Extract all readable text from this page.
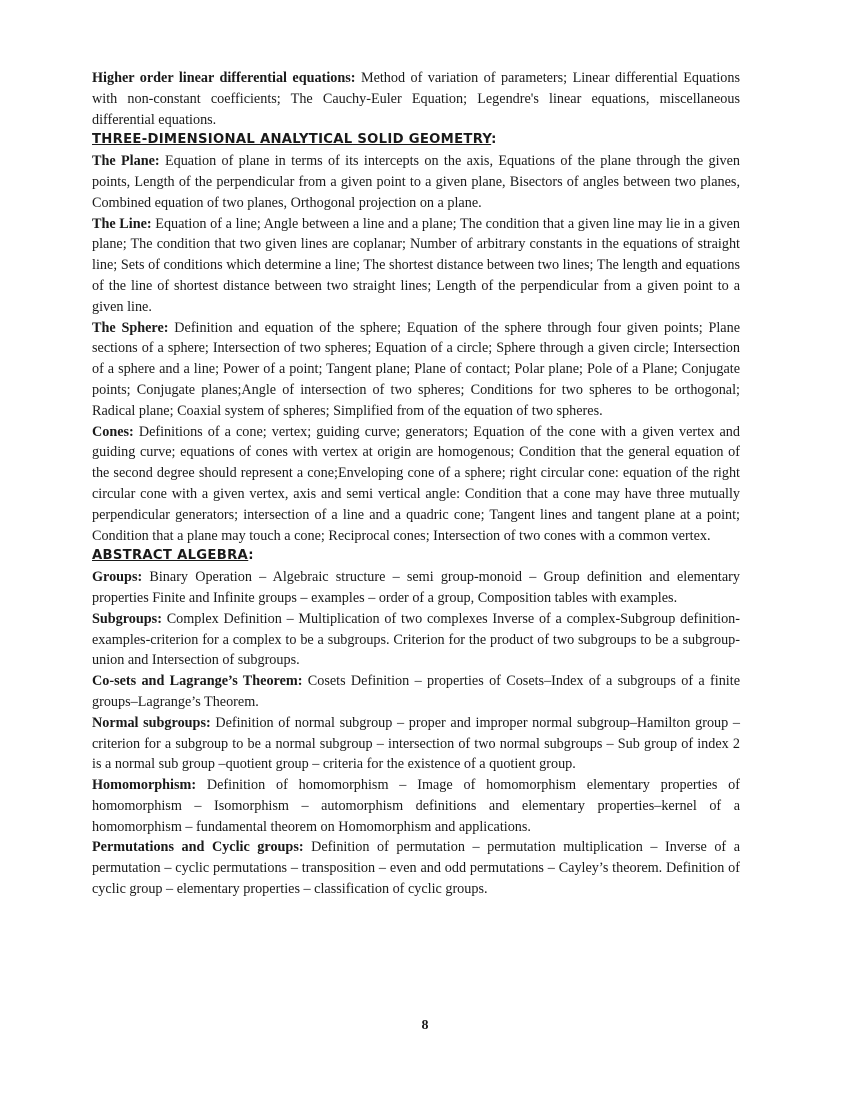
Higher order linear differential equations: Method of variation of parameters; Linear differential Equations with non-constant coefficients; The Cauchy-Euler Equation; Legendre's linear equations, miscellaneous differential equations.

THREE-DIMENSIONAL ANALYTICAL SOLID GEOMETRY:

The Plane: Equation of plane in terms of its intercepts on the axis, Equations of the plane through the given points, Length of the perpendicular from a given point to a given plane, Bisectors of angles between two planes, Combined equation of two planes, Orthogonal projection on a plane.

The Line: Equation of a line; Angle between a line and a plane; The condition that a given line may lie in a given plane; The condition that two given lines are coplanar; Number of arbitrary constants in the equations of straight line; Sets of conditions which determine a line; The shortest distance between two lines; The length and equations of the line of shortest distance between two straight lines; Length of the perpendicular from a given point to a given line.

The Sphere: Definition and equation of the sphere; Equation of the sphere through four given points; Plane sections of a sphere; Intersection of two spheres; Equation of a circle; Sphere through a given circle; Intersection of a sphere and a line; Power of a point; Tangent plane; Plane of contact; Polar plane; Pole of a Plane; Conjugate points; Conjugate planes;Angle of intersection of two spheres; Conditions for two spheres to be orthogonal; Radical plane; Coaxial system of spheres; Simplified from of the equation of two spheres.

Cones: Definitions of a cone; vertex; guiding curve; generators; Equation of the cone with a given vertex and guiding curve; equations of cones with vertex at origin are homogenous; Condition that the general equation of the second degree should represent a cone;Enveloping cone of a sphere; right circular cone: equation of the right circular cone with a given vertex, axis and semi vertical angle: Condition that a cone may have three mutually perpendicular generators; intersection of a line and a quadric cone; Tangent lines and tangent plane at a point; Condition that a plane may touch a cone; Reciprocal cones; Intersection of two cones with a common vertex.

ABSTRACT ALGEBRA:

Groups: Binary Operation – Algebraic structure – semi group-monoid – Group definition and elementary properties Finite and Infinite groups – examples – order of a group, Composition tables with examples.

Subgroups: Complex Definition – Multiplication of two complexes Inverse of a complex-Subgroup definition- examples-criterion for a complex to be a subgroups. Criterion for the product of two subgroups to be a subgroup-union and Intersection of subgroups.

Co-sets and Lagrange’s Theorem: Cosets Definition – properties of Cosets–Index of a subgroups of a finite groups–Lagrange’s Theorem.

Normal subgroups: Definition of normal subgroup – proper and improper normal subgroup–Hamilton group – criterion for a subgroup to be a normal subgroup – intersection of two normal subgroups – Sub group of index 2 is a normal sub group –quotient group – criteria for the existence of a quotient group.

Homomorphism: Definition of homomorphism – Image of homomorphism elementary properties of homomorphism – Isomorphism – automorphism definitions and elementary properties–kernel of a homomorphism – fundamental theorem on Homomorphism and applications.

Permutations and Cyclic groups: Definition of permutation – permutation multiplication – Inverse of a permutation – cyclic permutations – transposition – even and odd permutations – Cayley’s theorem. Definition of cyclic group – elementary properties – classification of cyclic groups.

8
